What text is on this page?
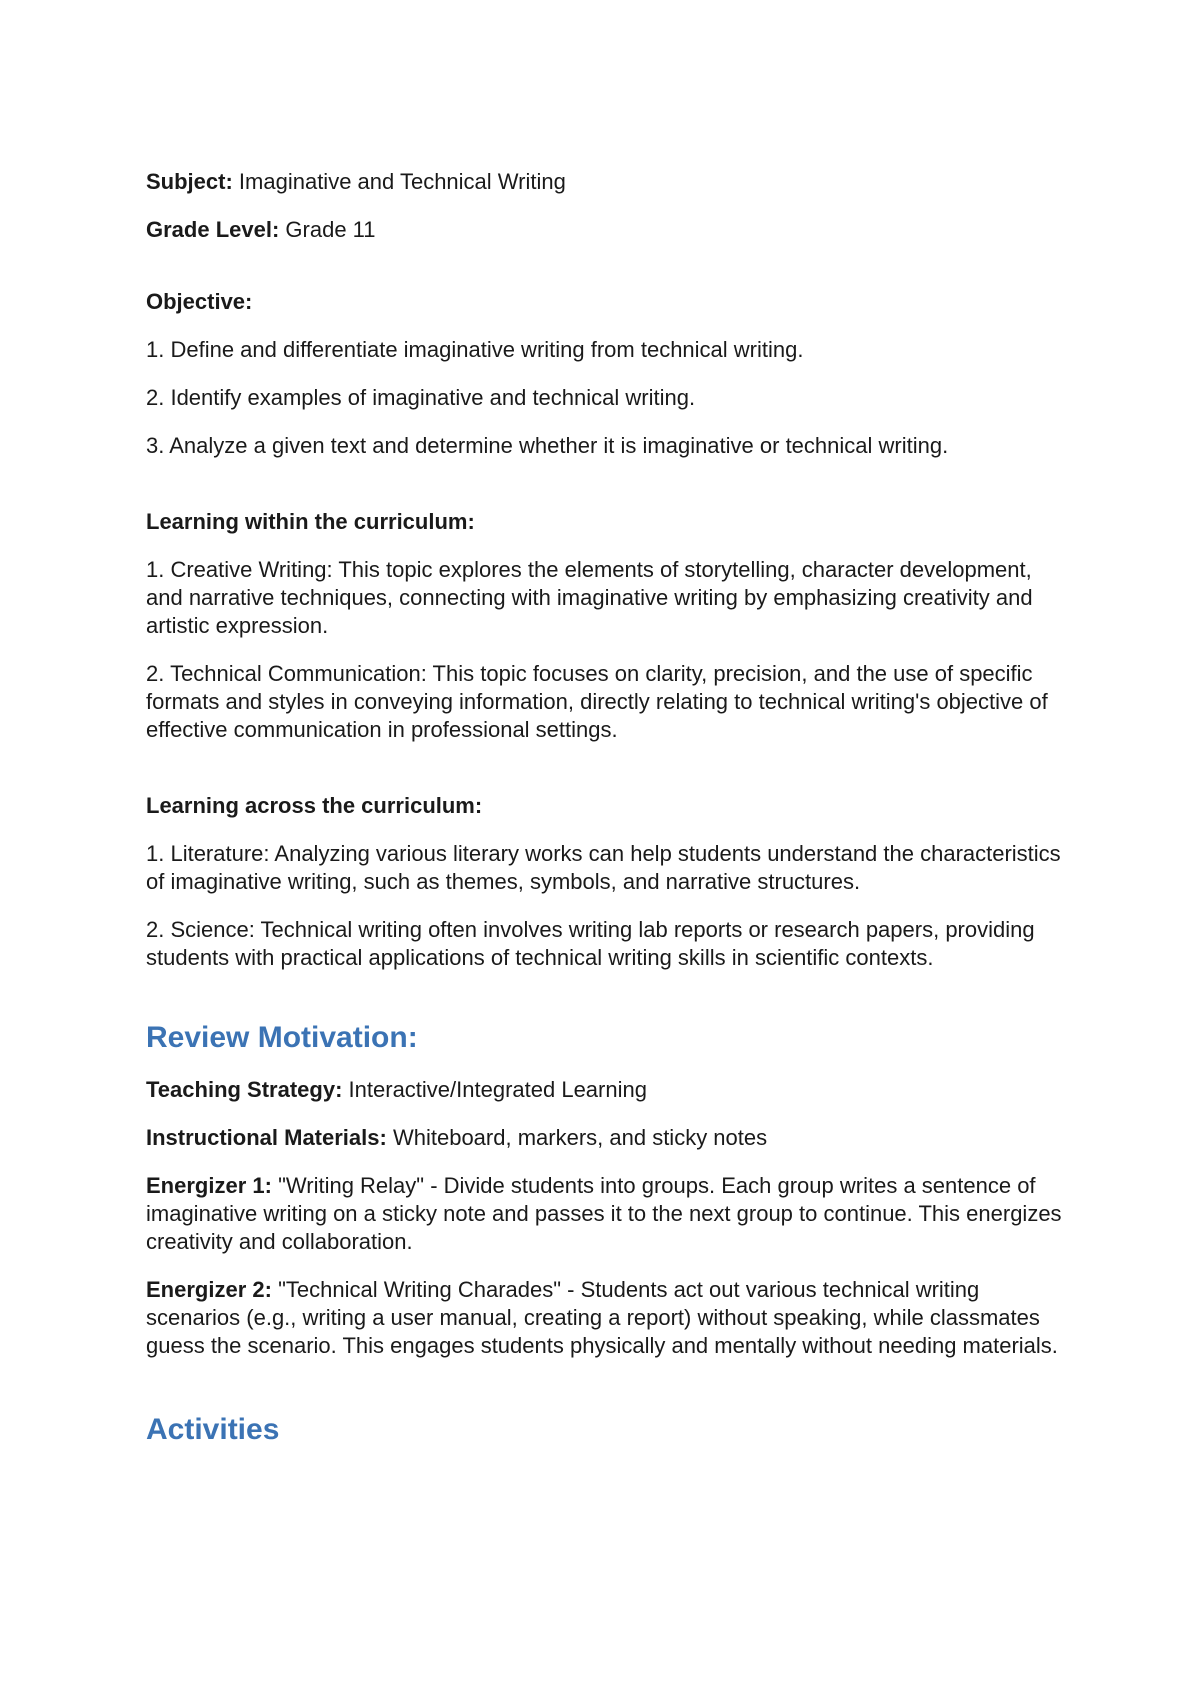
Subject: Imaginative and Technical Writing

Grade Level: Grade 11

Objective:

1. Define and differentiate imaginative writing from technical writing.

2. Identify examples of imaginative and technical writing.

3. Analyze a given text and determine whether it is imaginative or technical writing.

Learning within the curriculum:

1. Creative Writing: This topic explores the elements of storytelling, character development, and narrative techniques, connecting with imaginative writing by emphasizing creativity and artistic expression.

2. Technical Communication: This topic focuses on clarity, precision, and the use of specific formats and styles in conveying information, directly relating to technical writing's objective of effective communication in professional settings.

Learning across the curriculum:

1. Literature: Analyzing various literary works can help students understand the characteristics of imaginative writing, such as themes, symbols, and narrative structures.

2. Science: Technical writing often involves writing lab reports or research papers, providing students with practical applications of technical writing skills in scientific contexts.

Review Motivation:

Teaching Strategy: Interactive/Integrated Learning

Instructional Materials: Whiteboard, markers, and sticky notes

Energizer 1: "Writing Relay" - Divide students into groups. Each group writes a sentence of imaginative writing on a sticky note and passes it to the next group to continue. This energizes creativity and collaboration.

Energizer 2: "Technical Writing Charades" - Students act out various technical writing scenarios (e.g., writing a user manual, creating a report) without speaking, while classmates guess the scenario. This engages students physically and mentally without needing materials.

Activities
